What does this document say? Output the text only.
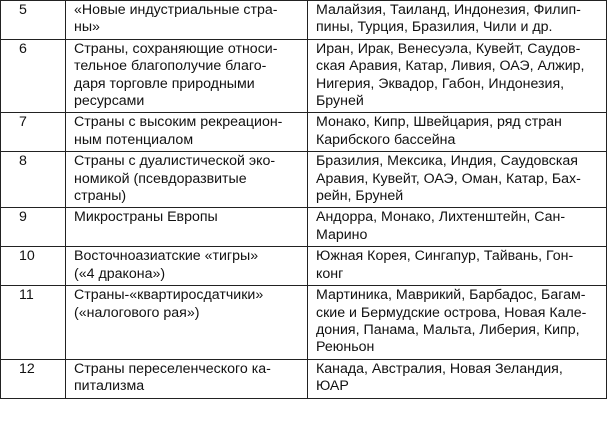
5	«Новые индустриальные стра-
ны»	Малайзия, Таиланд, Индонезия, Филип-
пины, Турция, Бразилия, Чили и др.

6	Страны, сохраняющие относи-
тельное благополучие благо-
даря торговле природными
ресурсами	Иран, Ирак, Венесуэла, Кувейт, Саудов-
ская Аравия, Катар, Ливия, ОАЭ, Алжир,
Нигерия, Эквадор, Габон, Индонезия,
Бруней

7	Страны с высоким рекреацион-
ным потенциалом	Монако, Кипр, Швейцария, ряд стран
Карибского бассейна

8	Страны с дуалистической эко-
номикой (псевдоразвитые
страны)	Бразилия, Мексика, Индия, Саудовская
Аравия, Кувейт, ОАЭ, Оман, Катар, Бах-
рейн, Бруней

9	Микространы Европы	Андорра, Монако, Лихтенштейн, Сан-
Марино

10	Восточноазиатские «тигры»
(«4 дракона»)	Южная Корея, Сингапур, Тайвань, Гон-
конг

11	Страны-«квартиросдатчики»
(«налогового рая»)	Мартиника, Маврикий, Барбадос, Багам-
ские и Бермудские острова, Новая Кале-
дония, Панама, Мальта, Либерия, Кипр,
Реюньон

12	Страны переселенческого ка-
питализма	Канада, Австралия, Новая Зеландия,
ЮАР
